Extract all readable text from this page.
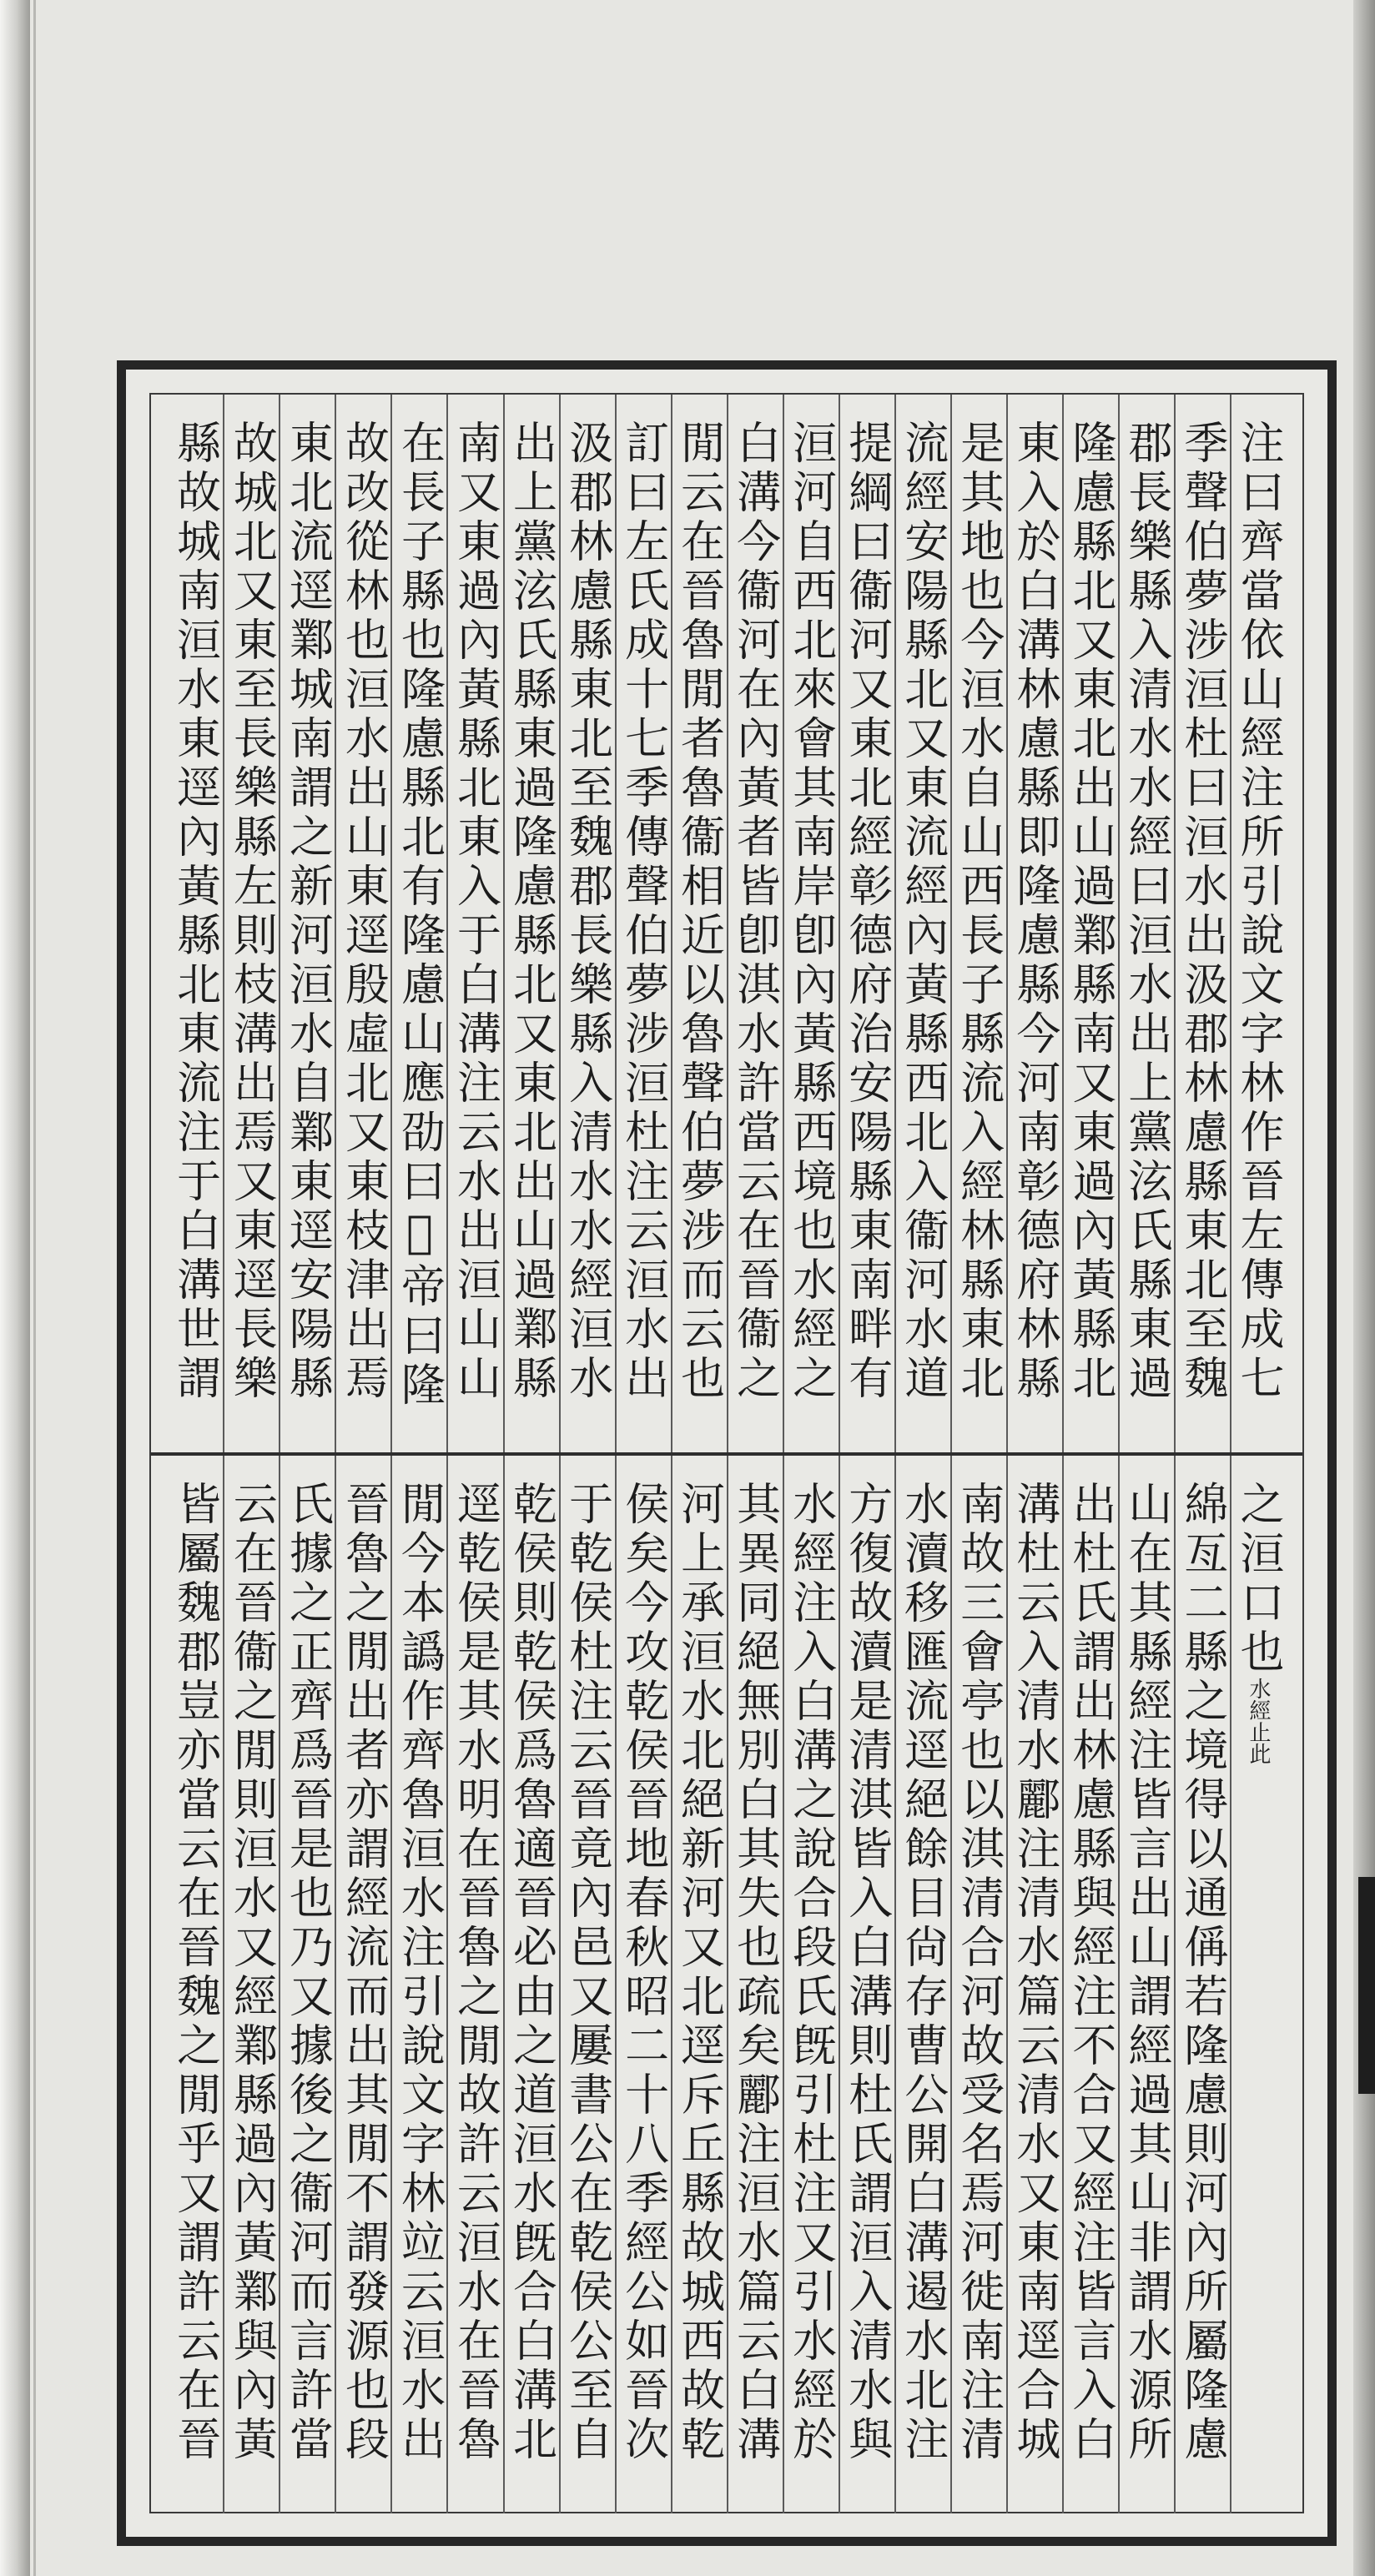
注曰齊當依山經注所引說文字林作晉左傳成七
季聲伯夢涉洹杜曰洹水出汲郡林慮縣東北至魏
郡長樂縣入清水水經曰洹水出上黨泫氏縣東過
隆慮縣北又東北出山過鄴縣南又東過內黃縣北
東入於白溝林慮縣即隆慮縣今河南彰德府林縣
是其地也今洹水自山西長子縣流入經林縣東北
流經安陽縣北又東流經內黃縣西北入衞河水道
提綱曰衞河又東北經彰德府治安陽縣東南畔有
洹河自西北來會其南岸卽內黃縣西境也水經之
白溝今衞河在內黃者皆卽淇水許當云在晉衞之
閒云在晉魯閒者魯衞相近以魯聲伯夢涉而云也
訂曰左氏成十七季傳聲伯夢涉洹杜注云洹水出
汲郡林慮縣東北至魏郡長樂縣入清水水經洹水
出上黨泫氏縣東過隆慮縣北又東北出山過鄴縣
南又東過內黃縣北東入于白溝注云水出洹山山
在長子縣也隆慮縣北有隆慮山應劭曰𤼵帝曰隆
故改從林也洹水出山東逕殷虛北又東枝津出焉
東北流逕鄴城南謂之新河洹水自鄴東逕安陽縣
故城北又東至長樂縣左則枝溝出焉又東逕長樂
縣故城南洹水東逕內黃縣北東流注于白溝世謂
之洹口也水經止此
綿亙二縣之境得以通偁若隆慮則河內所屬隆慮
山在其縣經注皆言出山謂經過其山非謂水源所
出杜氏謂出林慮縣與經注不合又經注皆言入白
溝杜云入清水酈注清水篇云清水又東南逕合城
南故三會亭也以淇清合河故受名焉河徙南注清
水瀆移匯流逕絕餘目尙存曹公開白溝遏水北注
方復故瀆是清淇皆入白溝則杜氏謂洹入清水與
水經注入白溝之說合段氏旣引杜注又引水經於
其異同絕無別白其失也疏矣酈注洹水篇云白溝
河上承洹水北絕新河又北逕斥丘縣故城西故乾
侯矣今攻乾侯晉地春秋昭二十八季經公如晉次
于乾侯杜注云晉竟內邑又屢書公在乾侯公至自
乾侯則乾侯爲魯適晉必由之道洹水旣合白溝北
逕乾侯是其水明在晉魯之閒故許云洹水在晉魯
閒今本譌作齊魯洹水注引說文字林竝云洹水出
晉魯之閒出者亦謂經流而出其閒不謂發源也段
氏據之正齊爲晉是也乃又據後之衞河而言許當
云在晉衞之閒則洹水又經鄴縣過內黃鄴與內黃
皆屬魏郡豈亦當云在晉魏之閒乎又謂許云在晉
